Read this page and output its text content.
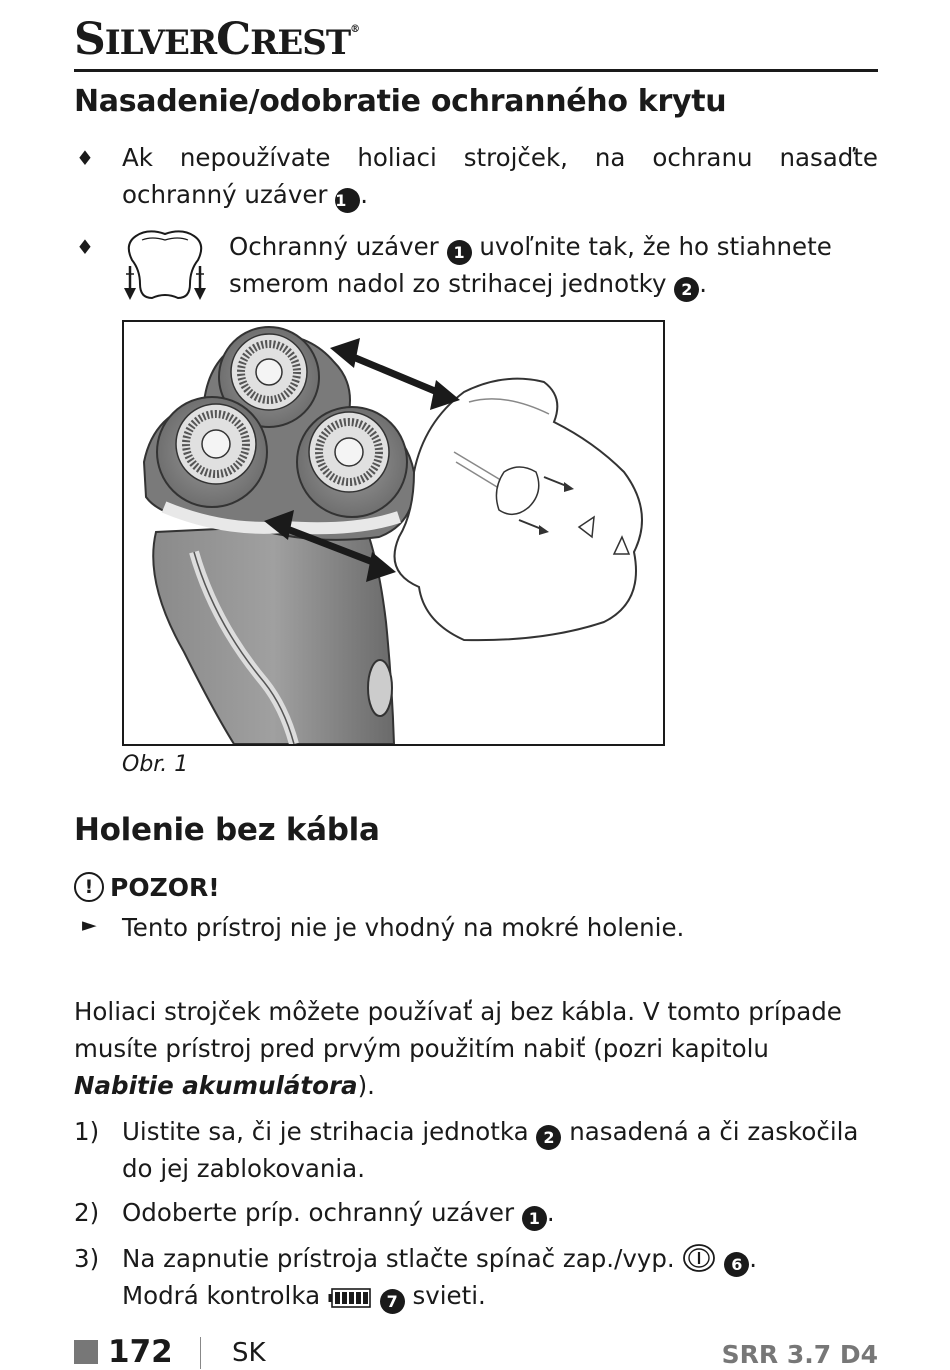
SILVERCREST®
Nasadenie/odobratie ochranného krytu
♦ Ak nepoužívate holiaci strojček, na ochranu nasaďte ochranný uzáver 1 .
♦	Ochranný uzáver 1 uvoľnite tak, že ho stiahnete
smerom nadol zo strihacej jednotky 2 .
Obr. 1
Holenie bez kábla
! POZOR!
► Tento prístroj nie je vhodný na mokré holenie.
Holiaci strojček môžete používať aj bez kábla. V tomto prípade musíte prístroj pred prvým použitím nabiť (pozri kapitolu Nabitie akumulátora).
1) Uistite sa, či je strihacia jednotka 2 nasadená a či zaskočila do jej zablokovania.
2) Odoberte príp. ochranný uzáver 1 .
3) Na zapnutie prístroja stlačte spínač zap./vyp.	6 .
Modrá kontrolka	7 svieti.
172 SK	SRR 3.7 D4
